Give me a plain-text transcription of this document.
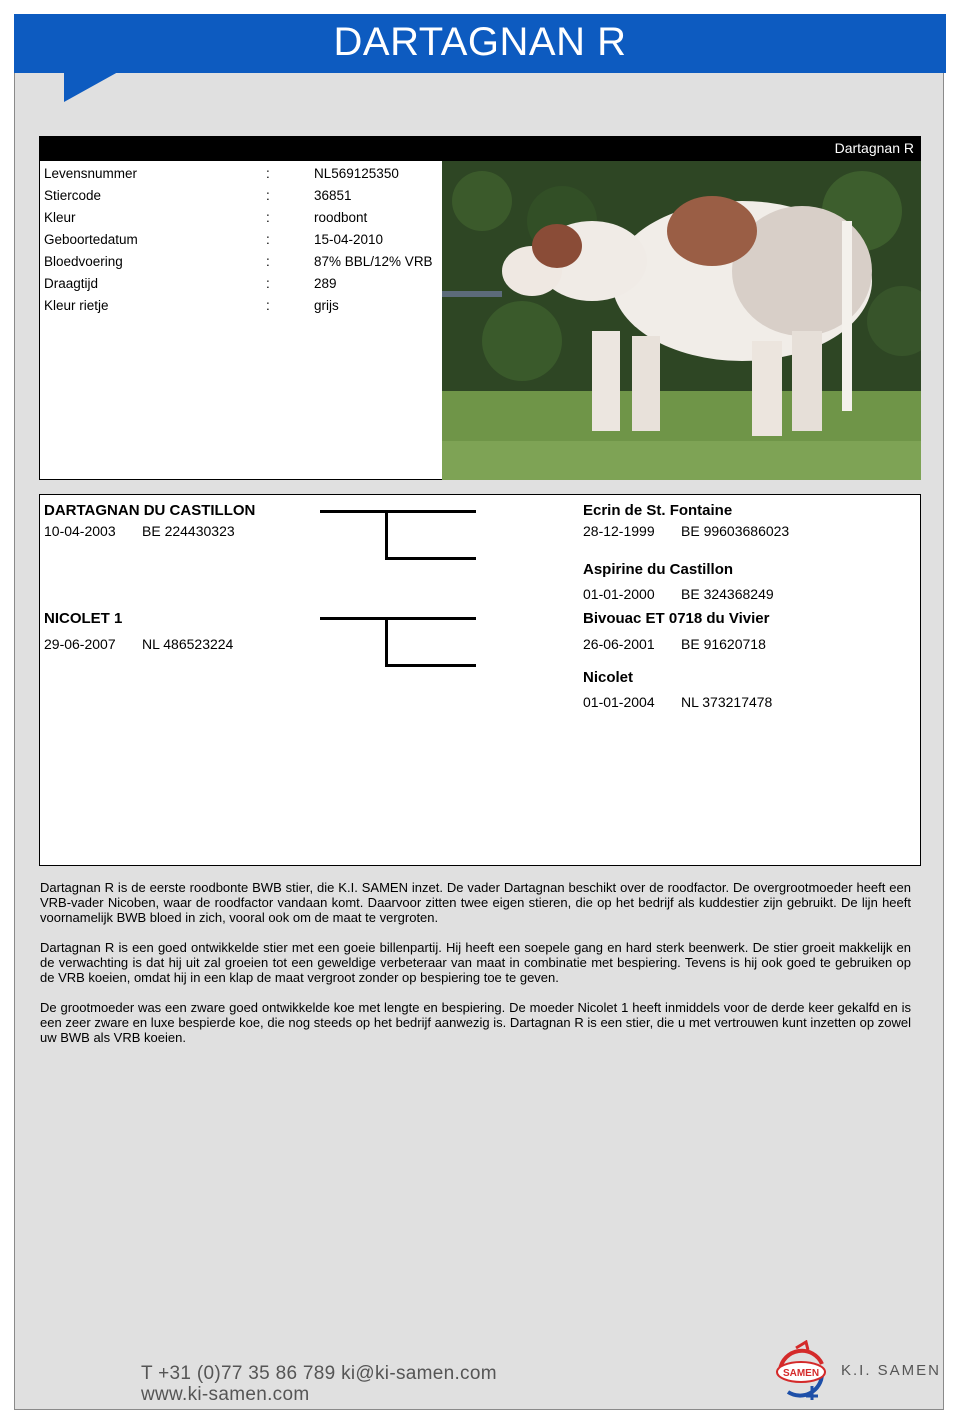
DARTAGNAN R
Dartagnan R
Levensnummer	:	NL569125350
Stiercode	:	36851
Kleur	:	roodbont
Geboortedatum	:	15-04-2010
Bloedvoering	:	87% BBL/12% VRB
Draagtijd	:	289
Kleur rietje	:	grijs
DARTAGNAN DU CASTILLON
10-04-2003 BE 224430323
NICOLET 1
29-06-2007 NL 486523224
Ecrin de St. Fontaine
28-12-1999 BE 99603686023
Aspirine du Castillon
01-01-2000 BE 324368249
Bivouac ET 0718 du Vivier
26-06-2001 BE 91620718
Nicolet
01-01-2004 NL 373217478

Dartagnan R is de eerste roodbonte BWB stier, die K.I. SAMEN inzet. De vader Dartagnan beschikt over de roodfactor. De overgrootmoeder heeft een VRB-vader Nicoben, waar de roodfactor vandaan komt. Daarvoor zitten twee eigen stieren, die op het bedrijf als kuddestier zijn gebruikt. De lijn heeft voornamelijk BWB bloed in zich, vooral ook om de maat te vergroten.

Dartagnan R is een goed ontwikkelde stier met een goeie billenpartij. Hij heeft een soepele gang en hard sterk beenwerk. De stier groeit makkelijk en de verwachting is dat hij uit zal groeien tot een geweldige verbeteraar van maat in combinatie met bespiering. Tevens is hij ook goed te gebruiken op de VRB koeien, omdat hij in een klap de maat vergroot zonder op bespiering toe te geven.

De grootmoeder was een zware goed ontwikkelde koe met lengte en bespiering. De moeder Nicolet 1 heeft inmiddels voor de derde keer gekalfd en is een zeer zware en luxe bespierde koe, die nog steeds op het bedrijf aanwezig is. Dartagnan R is een stier, die u met vertrouwen kunt inzetten op zowel uw BWB als VRB koeien.

T +31 (0)77 35 86 789 ki@ki-samen.com
www.ki-samen.com
SAMEN K.I. SAMEN
